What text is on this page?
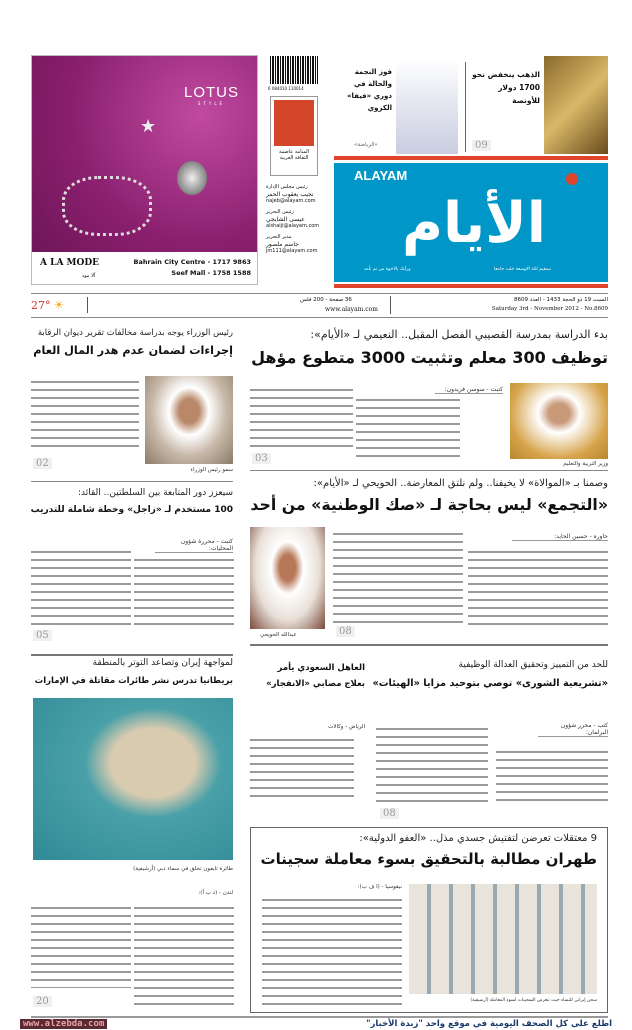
LOTUS
STYLE
★
A LA MODE
آلا مود
Bahrain City Centre - 1717 9863
Seef Mall - 1758 1588
6 084010 110014
المنامة عاصمة الثقافة العربية
رئيس مجلس الإدارة
نجيب يعقوب الحمر
najeb@alayam.com
رئيس التحرير
عيسى الشايجي
alshaiji@alayam.com
مدير التحرير
جاسم ملصور
jm111@alayam.com
فوز النجمة والحالة في دوري «فيفا» الكروي
«الرياضة»
الذهب ينخفض نحو 1700 دولار للأونصة
09
ALAYAM
الأيام
ورأيك بالاخوة من تم تأمد	سنقيم لكة الاوسعة خلت جامعا
27° ☀	36 صفحة - 200 فلس
www.alayam.com
السبت 19 ذو الحجة 1433 - العدد 8609
Saturday 3rd - November 2012 - No.8609
بدء الدراسة بمدرسة القصيبي الفصل المقبل.. النعيمي لـ «الأيام»:
توظيف 300 معلم وتثبيت 3000 متطوع مؤهل
كتبت - سوسن فريدون:
وزير التربية والتعليم
03
رئيس الوزراء يوجه بدراسة مخالفات تقرير ديوان الرقابة
إجراءات لضمان عدم هدر المال العام
سمو رئيس الوزراء
02
وصمنا بـ «الموالاة» لا يخيفنا.. ولم نلتق المعارضة.. الحويحي لـ «الأيام»:
«التجمع» ليس بحاجة لـ «صك الوطنية» من أحد
حاوره - حسين الحايد:
08
عبدالله الحويحي
سيعزز دور المتابعة بين السلطتين.. القائد:
100 مستخدم لـ «زاجل» وخطة شاملة للتدريب
كتبت - محررة شؤون المحليات:
05
للحد من التمييز وتحقيق العدالة الوظيفية
«تشريعية الشورى» توصي بتوحيد مزايا «الهيئات»
كتب - محرر شؤون البرلمان:
08
العاهل السعودي يأمر بعلاج مصابي «الانفجار»
الرياض - وكالات
لمواجهة إيران وتصاعد التوتر بالمنطقة
بريطانيا تدرس نشر طائرات مقاتلة في الإمارات
طائرة تايفون تحلق في سماء دبي (أرشيفية)
لندن - (د ب أ):
20
9 معتقلات تعرضن لتفتيش جسدي مذل.. «العفو الدولية»:
طهران مطالبة بالتحقيق بسوء معاملة سجينات
نيقوسيا - (ا ف ب):
سجن إيراني للنساء حيث تتعرض السجينات لسوء المعاملة (أرشيفية)
www.alzebda.com	اطلع على كل الصحف اليومية في موقع واحد "زبدة الأخبار"
